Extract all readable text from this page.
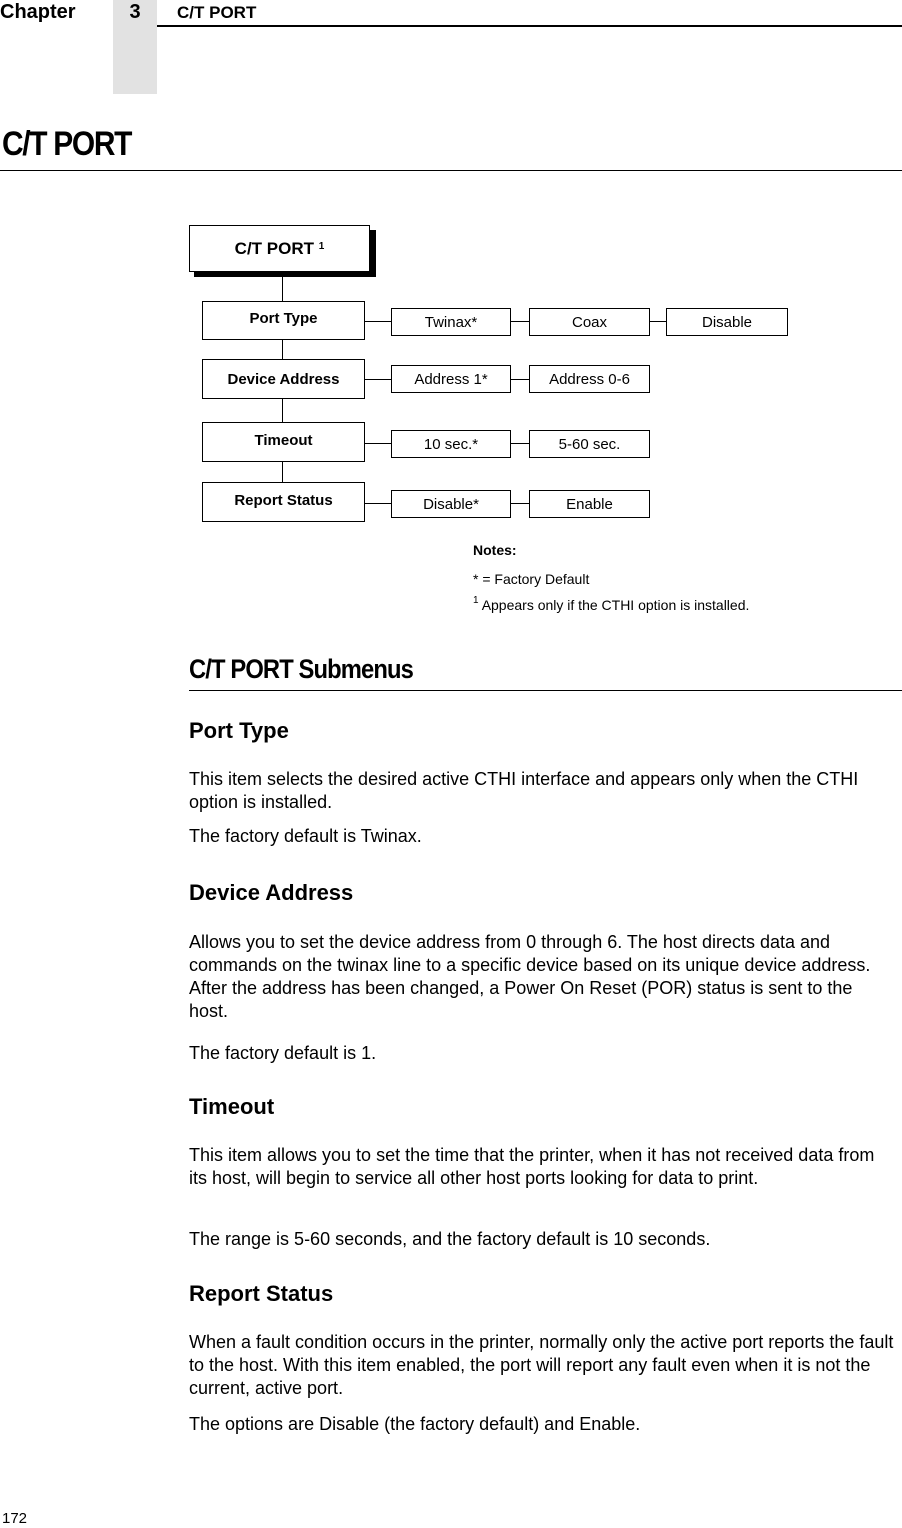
Chapter	3	C/T PORT
C/T PORT
C/T PORT
$^1$
Port Type	Twinax*	Coax	Disable
Device Address	Address 1*	Address 0-6
Timeout	10 sec.*	5-60 sec.
Report Status	Disable*	Enable
Notes:
* = Factory Default
$^1$ Appears only if the CTHI option is installed.
C/T PORT Submenus
Port Type
This item selects the desired active CTHI interface and appears only when the CTHI option is installed.
The factory default is Twinax.
Device Address
Allows you to set the device address from 0 through 6. The host directs data and commands on the twinax line to a specific device based on its unique device address. After the address has been changed, a Power On Reset (POR) status is sent to the host.
The factory default is 1.
Timeout
This item allows you to set the time that the printer, when it has not received data from its host, will begin to service all other host ports looking for data to print.
The range is 5-60 seconds, and the factory default is 10 seconds.
Report Status
When a fault condition occurs in the printer, normally only the active port reports the fault to the host. With this item enabled, the port will report any fault even when it is not the current, active port.
The options are Disable (the factory default) and Enable.
172
